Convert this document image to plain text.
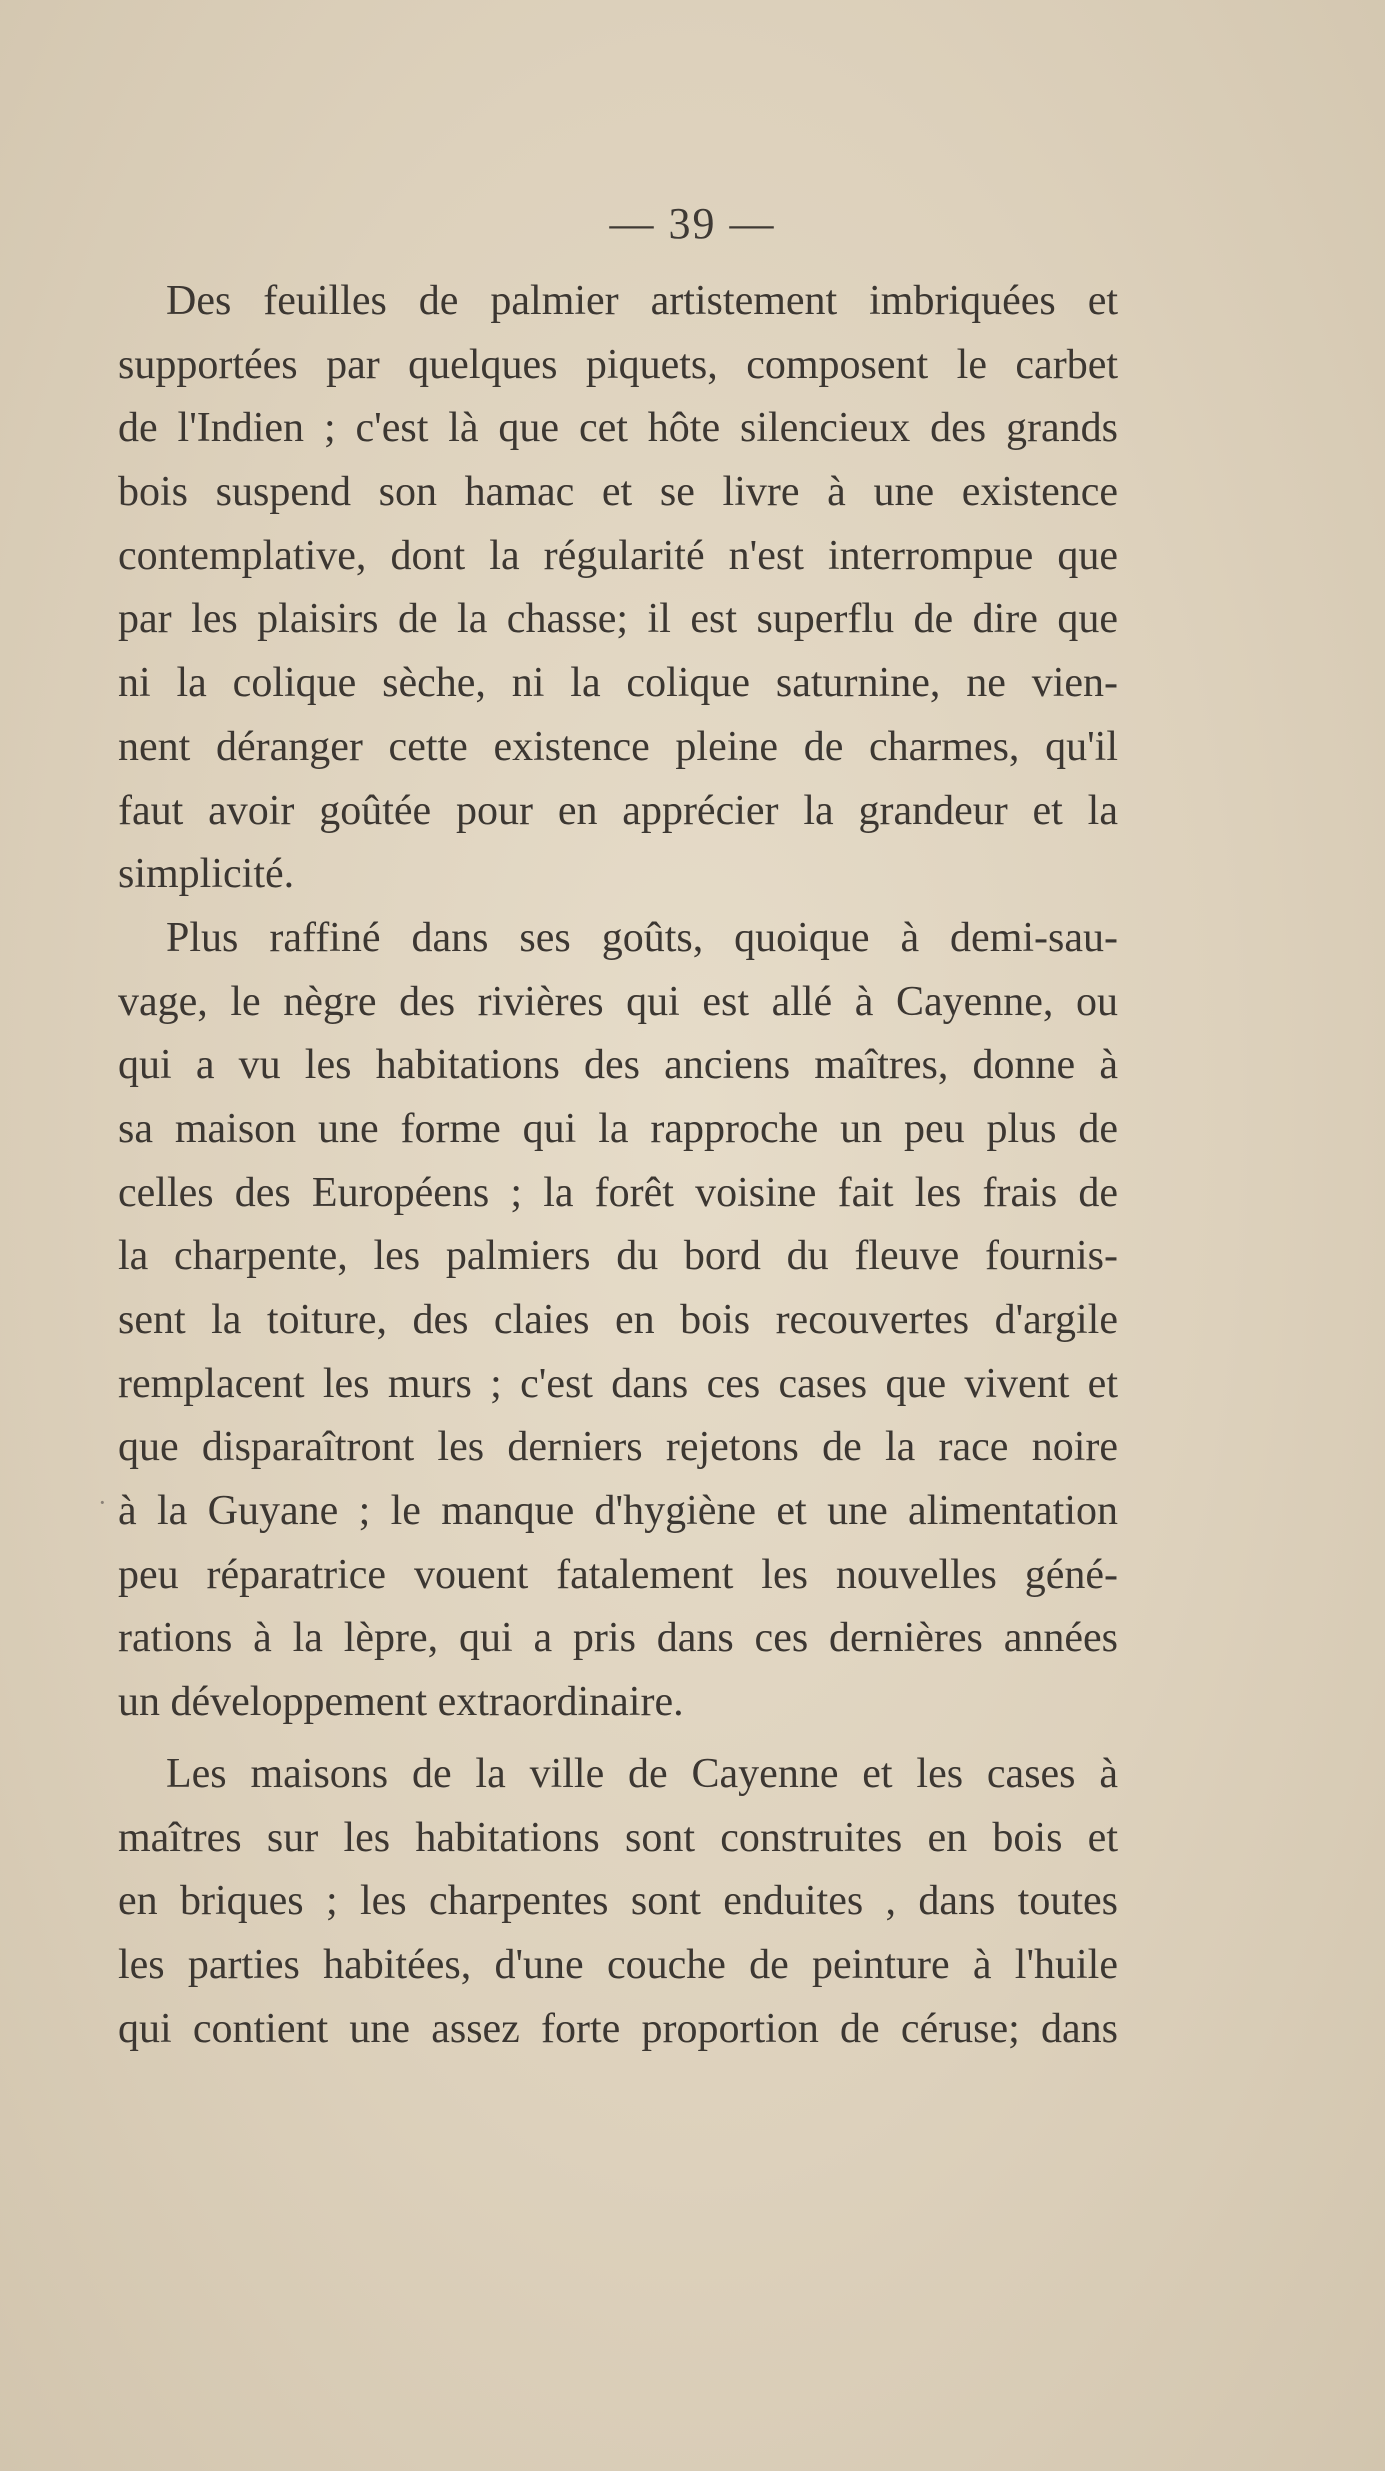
— 39 —
·
Des feuilles de palmier artistement imbriquées et
supportées par quelques piquets, composent le carbet
de l'Indien ; c'est là que cet hôte silencieux des grands
bois suspend son hamac et se livre à une existence
contemplative, dont la régularité n'est interrompue que
par les plaisirs de la chasse; il est superflu de dire que
ni la colique sèche, ni la colique saturnine, ne vien-
nent déranger cette existence pleine de charmes, qu'il
faut avoir goûtée pour en apprécier la grandeur et la
simplicité.
Plus raffiné dans ses goûts, quoique à demi-sau-
vage, le nègre des rivières qui est allé à Cayenne, ou
qui a vu les habitations des anciens maîtres, donne à
sa maison une forme qui la rapproche un peu plus de
celles des Européens ; la forêt voisine fait les frais de
la charpente, les palmiers du bord du fleuve fournis-
sent la toiture, des claies en bois recouvertes d'argile
remplacent les murs ; c'est dans ces cases que vivent et
que disparaîtront les derniers rejetons de la race noire
à la Guyane ; le manque d'hygiène et une alimentation
peu réparatrice vouent fatalement les nouvelles géné-
rations à la lèpre, qui a pris dans ces dernières années
un développement extraordinaire.
Les maisons de la ville de Cayenne et les cases à
maîtres sur les habitations sont construites en bois et
en briques ; les charpentes sont enduites , dans toutes
les parties habitées, d'une couche de peinture à l'huile
qui contient une assez forte proportion de céruse; dans
